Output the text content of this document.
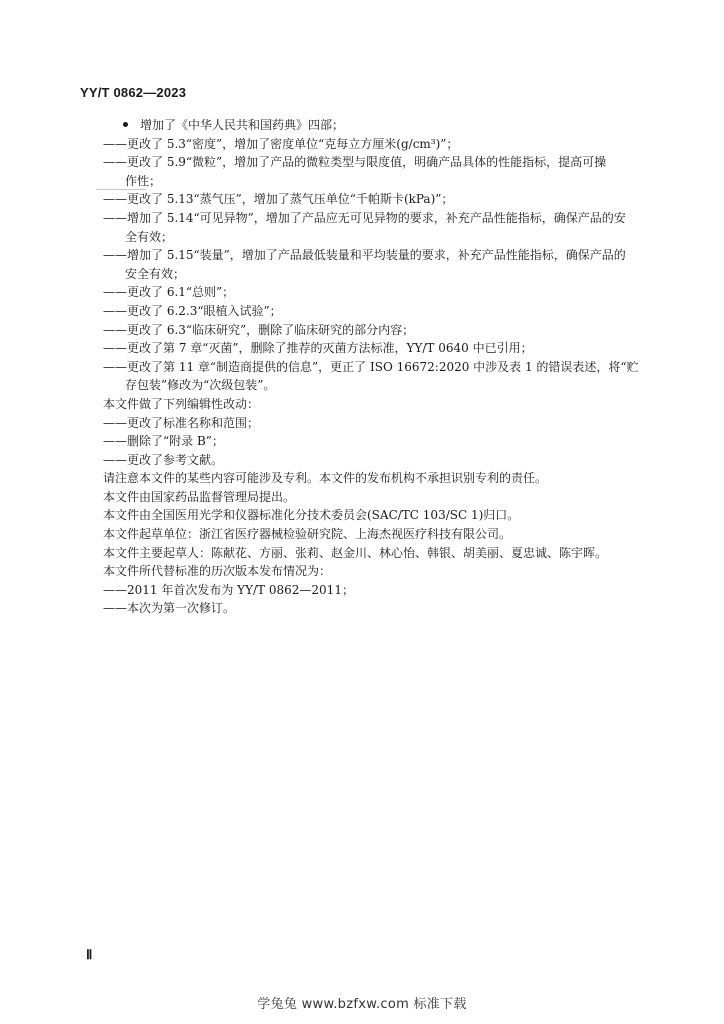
YY/T 0862—2023
增加了《中华人民共和国药典》四部；
——更改了 5.3“密度”，增加了密度单位“克每立方厘米(g/cm³)”；
——更改了 5.9“微粒”，增加了产品的微粒类型与限度值，明确产品具体的性能指标，提高可操
作性；
——更改了 5.13“蒸气压”，增加了蒸气压单位“千帕斯卡(kPa)”；
——增加了 5.14“可见异物”，增加了产品应无可见异物的要求，补充产品性能指标，确保产品的安
全有效；
——增加了 5.15“装量”，增加了产品最低装量和平均装量的要求，补充产品性能指标，确保产品的
安全有效；
——更改了 6.1“总则”；
——更改了 6.2.3“眼植入试验”；
——更改了 6.3“临床研究”，删除了临床研究的部分内容；
——更改了第 7 章“灭菌”，删除了推荐的灭菌方法标准，YY/T 0640 中已引用；
——更改了第 11 章“制造商提供的信息”，更正了 ISO 16672:2020 中涉及表 1 的错误表述，将“贮
存包装”修改为“次级包装”。
本文件做了下列编辑性改动：
——更改了标准名称和范围；
——删除了“附录 B”；
——更改了参考文献。
请注意本文件的某些内容可能涉及专利。本文件的发布机构不承担识别专利的责任。
本文件由国家药品监督管理局提出。
本文件由全国医用光学和仪器标准化分技术委员会(SAC/TC 103/SC 1)归口。
本文件起草单位：浙江省医疗器械检验研究院、上海杰视医疗科技有限公司。
本文件主要起草人：陈献花、方丽、张莉、赵金川、林心怡、韩银、胡美丽、夏忠诚、陈宇晖。
本文件所代替标准的历次版本发布情况为：
——2011 年首次发布为 YY/T 0862—2011；
——本次为第一次修订。
Ⅱ
学兔兔 www.bzfxw.com 标准下载
